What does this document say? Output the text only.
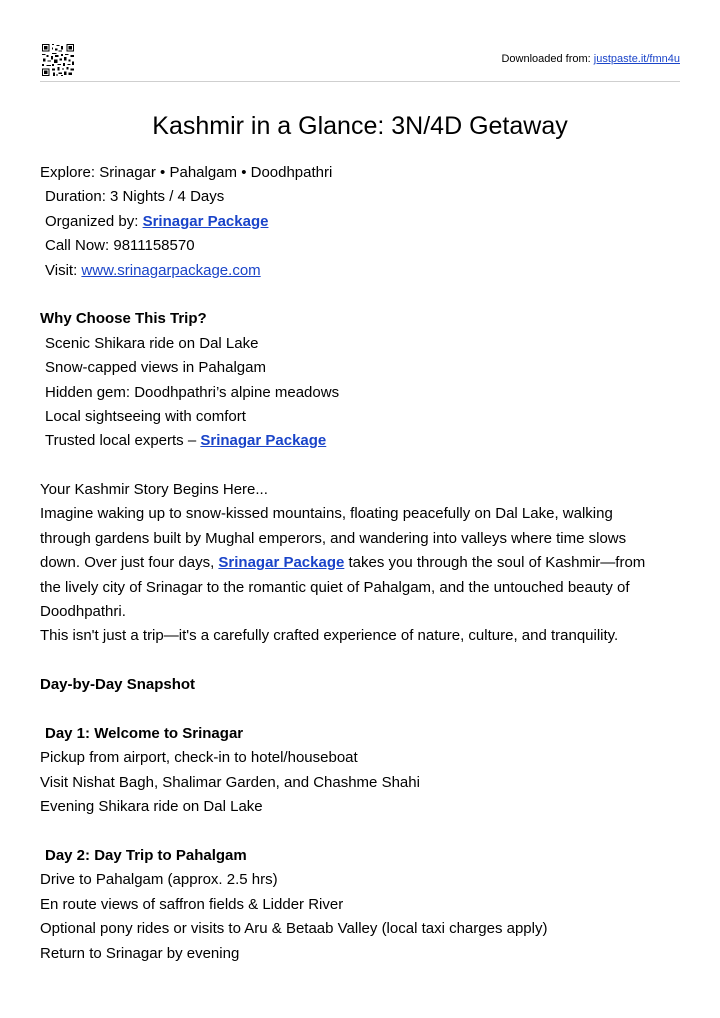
Downloaded from: justpaste.it/fmn4u
Kashmir in a Glance: 3N/4D Getaway
Explore: Srinagar • Pahalgam • Doodhpathri
Duration: 3 Nights / 4 Days
Organized by: Srinagar Package
Call Now: 9811158570
Visit: www.srinagarpackage.com
Why Choose This Trip?
Scenic Shikara ride on Dal Lake
Snow-capped views in Pahalgam
Hidden gem: Doodhpathri’s alpine meadows
Local sightseeing with comfort
Trusted local experts – Srinagar Package
Your Kashmir Story Begins Here...
Imagine waking up to snow-kissed mountains, floating peacefully on Dal Lake, walking
through gardens built by Mughal emperors, and wandering into valleys where time slows
down. Over just four days, Srinagar Package takes you through the soul of Kashmir—from
the lively city of Srinagar to the romantic quiet of Pahalgam, and the untouched beauty of
Doodhpathri.
This isn't just a trip—it's a carefully crafted experience of nature, culture, and tranquility.
Day-by-Day Snapshot
Day 1: Welcome to Srinagar
Pickup from airport, check-in to hotel/houseboat
Visit Nishat Bagh, Shalimar Garden, and Chashme Shahi
Evening Shikara ride on Dal Lake
Day 2: Day Trip to Pahalgam
Drive to Pahalgam (approx. 2.5 hrs)
En route views of saffron fields & Lidder River
Optional pony rides or visits to Aru & Betaab Valley (local taxi charges apply)
Return to Srinagar by evening
